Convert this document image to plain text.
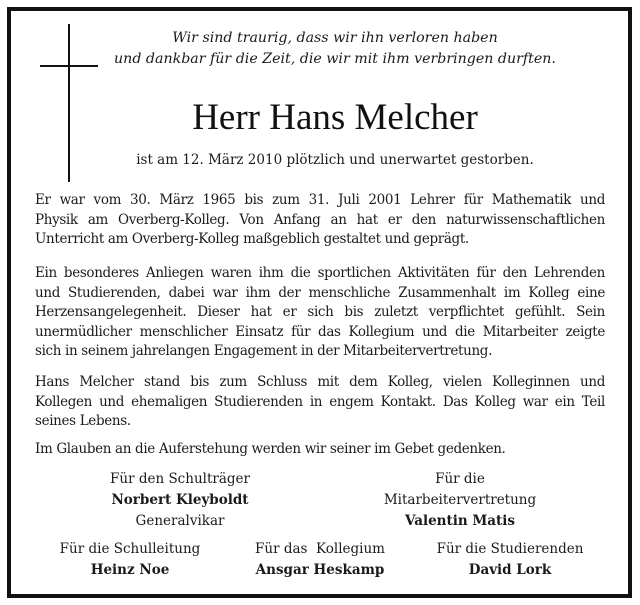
Wir sind traurig, dass wir ihn verloren haben
und dankbar für die Zeit, die wir mit ihm verbringen durften.
Herr Hans Melcher
ist am 12. März 2010 plötzlich und unerwartet gestorben.
Er war vom 30. März 1965 bis zum 31. Juli 2001 Lehrer für Mathematik und
Physik am Overberg-Kolleg. Von Anfang an hat er den naturwissenschaftlichen
Unterricht am Overberg-Kolleg maßgeblich gestaltet und geprägt.
Ein besonderes Anliegen waren ihm die sportlichen Aktivitäten für den Lehrenden
und Studierenden, dabei war ihm der menschliche Zusammenhalt im Kolleg eine
Herzensangelegenheit. Dieser hat er sich bis zuletzt verpflichtet gefühlt. Sein
unermüdlicher menschlicher Einsatz für das Kollegium und die Mitarbeiter zeigte
sich in seinem jahrelangen Engagement in der Mitarbeitervertretung.
Hans Melcher stand bis zum Schluss mit dem Kolleg, vielen Kolleginnen und
Kollegen und ehemaligen Studierenden in engem Kontakt. Das Kolleg war ein Teil
seines Lebens.
Im Glauben an die Auferstehung werden wir seiner im Gebet gedenken.
Für den Schulträger
Norbert Kleyboldt
Generalvikar
Für die
Mitarbeitervertretung
Valentin Matis
Für die Schulleitung
Heinz Noe
Für das  Kollegium
Ansgar Heskamp
Für die Studierenden
David Lork
